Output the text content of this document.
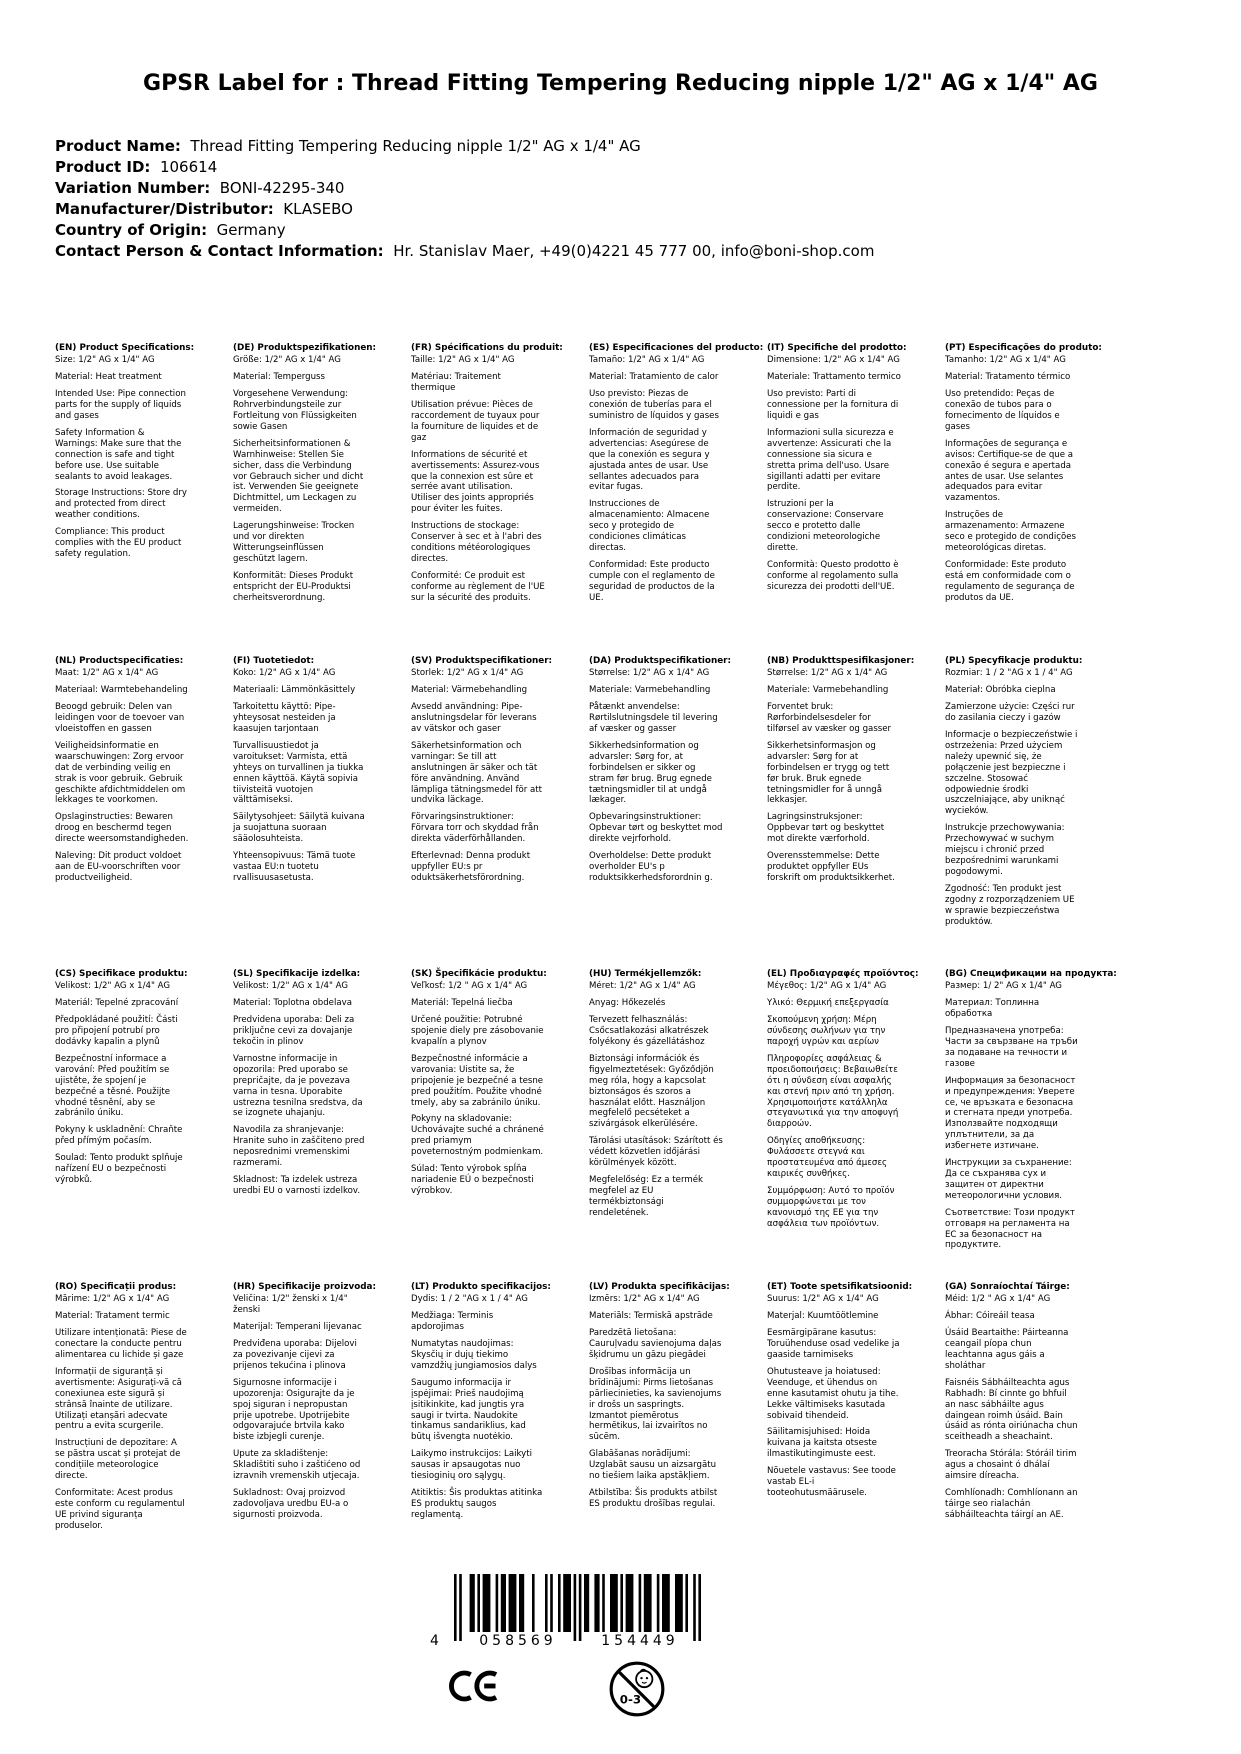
GPSR Label for : Thread Fitting Tempering Reducing nipple 1/2" AG x 1/4" AG
Product Name:  Thread Fitting Tempering Reducing nipple 1/2" AG x 1/4" AG
Product ID:  106614
Variation Number:  BONI-42295-340
Manufacturer/Distributor:  KLASEBO
Country of Origin:  Germany
Contact Person & Contact Information:  Hr. Stanislav Maer, +49(0)4221 45 777 00, info@boni-shop.com
(EN) Product Specifications:

Size: 1/2" AG x 1/4" AG

Material: Heat treatment

Intended Use: Pipe connection parts for the supply of liquids and gases

Safety Information & Warnings: Make sure that the connection is safe and tight before use. Use suitable sealants to avoid leakages.

Storage Instructions: Store dry and protected from direct weather conditions.

Compliance: This product complies with the EU product safety regulation.

(DE) Produktspezifikationen:

Größe: 1/2" AG x 1/4" AG

Material: Temperguss

Vorgesehene Verwendung: Rohrverbindungsteile zur Fortleitung von Flüssigkeiten sowie Gasen

Sicherheitsinformationen & Warnhinweise: Stellen Sie sicher, dass die Verbindung vor Gebrauch sicher und dicht ist. Verwenden Sie geeignete Dichtmittel, um Leckagen zu vermeiden.

Lagerungshinweise: Trocken und vor direkten Witterungseinflüssen geschützt lagern.

Konformität: Dieses Produkt entspricht der EU-Produktsi cherheitsverordnung.

(FR) Spécifications du produit:

Taille: 1/2" AG x 1/4" AG

Matériau: Traitement thermique

Utilisation prévue: Pièces de raccordement de tuyaux pour la fourniture de liquides et de gaz

Informations de sécurité et avertissements: Assurez-vous que la connexion est sûre et serrée avant utilisation. Utiliser des joints appropriés pour éviter les fuites.

Instructions de stockage: Conserver à sec et à l'abri des conditions météorologiques directes.

Conformité: Ce produit est conforme au règlement de l'UE sur la sécurité des produits.

(ES) Especificaciones del producto:

Tamaño: 1/2" AG x 1/4" AG

Material: Tratamiento de calor

Uso previsto: Piezas de conexión de tuberías para el suministro de líquidos y gases

Información de seguridad y advertencias: Asegúrese de que la conexión es segura y ajustada antes de usar. Use sellantes adecuados para evitar fugas.

Instrucciones de almacenamiento: Almacene seco y protegido de condiciones climáticas directas.

Conformidad: Este producto cumple con el reglamento de seguridad de productos de la UE.

(IT) Specifiche del prodotto:

Dimensione: 1/2" AG x 1/4" AG

Materiale: Trattamento termico

Uso previsto: Parti di connessione per la fornitura di liquidi e gas

Informazioni sulla sicurezza e avvertenze: Assicurati che la connessione sia sicura e stretta prima dell'uso. Usare sigillanti adatti per evitare perdite.

Istruzioni per la conservazione: Conservare secco e protetto dalle condizioni meteorologiche dirette.

Conformità: Questo prodotto è conforme al regolamento sulla sicurezza dei prodotti dell'UE.

(PT) Especificações do produto:

Tamanho: 1/2" AG x 1/4" AG

Material: Tratamento térmico

Uso pretendido: Peças de conexão de tubos para o fornecimento de líquidos e gases

Informações de segurança e avisos: Certifique-se de que a conexão é segura e apertada antes de usar. Use selantes adequados para evitar vazamentos.

Instruções de armazenamento: Armazene seco e protegido de condições meteorológicas diretas.

Conformidade: Este produto está em conformidade com o regulamento de segurança de produtos da UE.

(NL) Productspecificaties:

Maat: 1/2" AG x 1/4" AG

Materiaal: Warmtebehandeling

Beoogd gebruik: Delen van leidingen voor de toevoer van vloeistoffen en gassen

Veiligheidsinformatie en waarschuwingen: Zorg ervoor dat de verbinding veilig en strak is voor gebruik. Gebruik geschikte afdichtmiddelen om lekkages te voorkomen.

Opslaginstructies: Bewaren droog en beschermd tegen directe weersomstandigheden.

Naleving: Dit product voldoet aan de EU-voorschriften voor productveiligheid.

(FI) Tuotetiedot:

Koko: 1/2" AG x 1/4" AG

Materiaali: Lämmönkäsittely

Tarkoitettu käyttö: Pipe-yhteysosat nesteiden ja kaasujen tarjontaan

Turvallisuustiedot ja varoitukset: Varmista, että yhteys on turvallinen ja tiukka ennen käyttöä. Käytä sopivia tiivisteitä vuotojen välttämiseksi.

Säilytysohjeet: Säilytä kuivana ja suojattuna suoraan sääolosuhteista.

Yhteensopivuus: Tämä tuote vastaa EU:n tuotetu rvallisuusasetusta.

(SV) Produktspecifikationer:

Storlek: 1/2" AG x 1/4" AG

Material: Värmebehandling

Avsedd användning: Pipe-anslutningsdelar för leverans av vätskor och gaser

Säkerhetsinformation och varningar: Se till att anslutningen är säker och tät före användning. Använd lämpliga tätningsmedel för att undvika läckage.

Förvaringsinstruktioner: Förvara torr och skyddad från direkta väderförhållanden.

Efterlevnad: Denna produkt uppfyller EU:s pr oduktsäkerhetsförordning.

(DA) Produktspecifikationer:

Størrelse: 1/2" AG x 1/4" AG

Materiale: Varmebehandling

Påtænkt anvendelse: Rørtilslutningsdele til levering af væsker og gasser

Sikkerhedsinformation og advarsler: Sørg for, at forbindelsen er sikker og stram før brug. Brug egnede tætningsmidler til at undgå lækager.

Opbevaringsinstruktioner: Opbevar tørt og beskyttet mod direkte vejrforhold.

Overholdelse: Dette produkt overholder EU's p roduktsikkerhedsforordnin g.

(NB) Produkttspesifikasjoner:

Størrelse: 1/2" AG x 1/4" AG

Materiale: Varmebehandling

Forventet bruk: Rørforbindelsesdeler for tilførsel av væsker og gasser

Sikkerhetsinformasjon og advarsler: Sørg for at forbindelsen er trygg og tett før bruk. Bruk egnede tetningsmidler for å unngå lekkasjer.

Lagringsinstruksjoner: Oppbevar tørt og beskyttet mot direkte værforhold.

Overensstemmelse: Dette produktet oppfyller EUs forskrift om produktsikkerhet.

(PL) Specyfikacje produktu:

Rozmiar: 1 / 2 "AG x 1 / 4" AG

Materiał: Obróbka cieplna

Zamierzone użycie: Części rur do zasilania cieczy i gazów

Informacje o bezpieczeństwie i ostrzeżenia: Przed użyciem należy upewnić się, że połączenie jest bezpieczne i szczelne. Stosować odpowiednie środki uszczelniające, aby uniknąć wycieków.

Instrukcje przechowywania: Przechowywać w suchym miejscu i chronić przed bezpośrednimi warunkami pogodowymi.

Zgodność: Ten produkt jest zgodny z rozporządzeniem UE w sprawie bezpieczeństwa produktów.

(CS) Specifikace produktu:

Velikost: 1/2" AG x 1/4" AG

Materiál: Tepelné zpracování

Předpokládané použití: Části pro připojení potrubí pro dodávky kapalin a plynů

Bezpečnostní informace a varování: Před použitím se ujistěte, že spojení je bezpečné a těsné. Použijte vhodné těsnění, aby se zabránilo úniku.

Pokyny k uskladnění: Chraňte před přímým počasím.

Soulad: Tento produkt splňuje nařízení EU o bezpečnosti výrobků.

(SL) Specifikacije izdelka:

Velikost: 1/2" AG x 1/4" AG

Material: Toplotna obdelava

Predvidena uporaba: Deli za priključne cevi za dovajanje tekočin in plinov

Varnostne informacije in opozorila: Pred uporabo se prepričajte, da je povezava varna in tesna. Uporabite ustrezna tesnilna sredstva, da se izognete uhajanju.

Navodila za shranjevanje: Hranite suho in zaščiteno pred neposrednimi vremenskimi razmerami.

Skladnost: Ta izdelek ustreza uredbi EU o varnosti izdelkov.

(SK) Špecifikácie produktu:

Veľkosť: 1/2 " AG x 1/4" AG

Materiál: Tepelná liečba

Určené použitie: Potrubné spojenie diely pre zásobovanie kvapalín a plynov

Bezpečnostné informácie a varovania: Uistite sa, že pripojenie je bezpečné a tesne pred použitím. Použite vhodné tmely, aby sa zabránilo úniku.

Pokyny na skladovanie: Uchovávajte suché a chránené pred priamym poveternostným podmienkam.

Súlad: Tento výrobok spĺňa nariadenie EÚ o bezpečnosti výrobkov.

(HU) Termékjellemzők:

Méret: 1/2" AG x 1/4" AG

Anyag: Hőkezelés

Tervezett felhasználás: Csőcsatlakozási alkatrészek folyékony és gázellátáshoz

Biztonsági információk és figyelmeztetések: Győződjön meg róla, hogy a kapcsolat biztonságos és szoros a használat előtt. Használjon megfelelő pecséteket a szivárgások elkerülésére.

Tárolási utasítások: Szárított és védett közvetlen időjárási körülmények között.

Megfelelőség: Ez a termék megfelel az EU termékbiztonsági rendeletének.

(EL) Προδιαγραφές προϊόντος:

Μέγεθος: 1/2" AG x 1/4" AG

Υλικό: Θερμική επεξεργασία

Σκοπούμενη χρήση: Μέρη σύνδεσης σωλήνων για την παροχή υγρών και αερίων

Πληροφορίες ασφάλειας & προειδοποιήσεις: Βεβαιωθείτε ότι η σύνδεση είναι ασφαλής και στενή πριν από τη χρήση. Χρησιμοποιήστε κατάλληλα στεγανωτικά για την αποφυγή διαρροών.

Οδηγίες αποθήκευσης: Φυλάσσετε στεγνά και προστατευμένα από άμεσες καιρικές συνθήκες.

Συμμόρφωση: Αυτό το προϊόν συμμορφώνεται με τον κανονισμό της ΕΕ για την ασφάλεια των προϊόντων.

(BG) Спецификации на продукта:

Размер: 1/ 2" AG x 1/4" AG

Материал: Топлинна обработка

Предназначена употреба: Части за свързване на тръби за подаване на течности и газове

Информация за безопасност и предупреждения: Уверете се, че връзката е безопасна и стегната преди употреба. Използвайте подходящи уплътнители, за да избегнете изтичане.

Инструкции за съхранение: Да се съхранява сух и защитен от директни метеорологични условия.

Съответствие: Този продукт отговаря на регламента на ЕС за безопасност на продуктите.

(RO) Specificații produs:

Mărime: 1/2" AG x 1/4" AG

Material: Tratament termic

Utilizare intenționată: Piese de conectare la conducte pentru alimentarea cu lichide și gaze

Informații de siguranță și avertismente: Asigurați-vă că conexiunea este sigură și strânsă înainte de utilizare. Utilizați etanșări adecvate pentru a evita scurgerile.

Instrucțiuni de depozitare: A se păstra uscat și protejat de condițiile meteorologice directe.

Conformitate: Acest produs este conform cu regulamentul UE privind siguranța produselor.

(HR) Specifikacije proizvoda:

Veličina: 1/2" ženski x 1/4" ženski

Materijal: Temperani lijevanac

Predviđena uporaba: Dijelovi za povezivanje cijevi za prijenos tekućina i plinova

Sigurnosne informacije i upozorenja: Osigurajte da je spoj siguran i nepropustan prije upotrebe. Upotrijebite odgovarajuće brtvila kako biste izbjegli curenje.

Upute za skladištenje: Skladištiti suho i zaštićeno od izravnih vremenskih utjecaja.

Sukladnost: Ovaj proizvod zadovoljava uredbu EU-a o sigurnosti proizvoda.

(LT) Produkto specifikacijos:

Dydis: 1 / 2 "AG x 1 / 4" AG

Medžiaga: Terminis apdorojimas

Numatytas naudojimas: Skysčių ir dujų tiekimo vamzdžių jungiamosios dalys

Saugumo informacija ir įspėjimai: Prieš naudojimą įsitikinkite, kad jungtis yra saugi ir tvirta. Naudokite tinkamus sandariklius, kad būtų išvengta nuotėkio.

Laikymo instrukcijos: Laikyti sausas ir apsaugotas nuo tiesioginių oro sąlygų.

Atitiktis: Šis produktas atitinka ES produktų saugos reglamentą.

(LV) Produkta specifikācijas:

Izmērs: 1/2" AG x 1/4" AG

Materiāls: Termiskā apstrāde

Paredzētā lietošana: Cauruļvadu savienojuma daļas šķidrumu un gāzu piegādei

Drošības informācija un brīdinājumi: Pirms lietošanas pārliecinieties, ka savienojums ir drošs un saspringts. Izmantot piemērotus hermētikus, lai izvairītos no sūcēm.

Glabāšanas norādījumi: Uzglabāt sausu un aizsargātu no tiešiem laika apstākļiem.

Atbilstība: Šis produkts atbilst ES produktu drošības regulai.

(ET) Toote spetsifikatsioonid:

Suurus: 1/2" AG x 1/4" AG

Materjal: Kuumtöötlemine

Eesmärgipärane kasutus: Toruühenduse osad vedelike ja gaaside tarnimiseks

Ohutusteave ja hoiatused: Veenduge, et ühendus on enne kasutamist ohutu ja tihe. Lekke vältimiseks kasutada sobivaid tihendeid.

Säilitamisjuhised: Hoida kuivana ja kaitsta otseste ilmastikutingimuste eest.

Nõuetele vastavus: See toode vastab EL-i tooteohutusmäärusele.

(GA) Sonraíochtaí Táirge:

Méid: 1/2 " AG x 1/4" AG

Ábhar: Cóireáil teasa

Úsáid Beartaithe: Páirteanna ceangail píopa chun leachtanna agus gáis a sholáthar

Faisnéis Sábháilteachta agus Rabhadh: Bí cinnte go bhfuil an nasc sábháilte agus daingean roimh úsáid. Bain úsáid as rónta oiriúnacha chun sceitheadh a sheachaint.

Treoracha Stórála: Stóráil tirim agus a chosaint ó dhálaí aimsire díreacha.

Comhlíonadh: Comhlíonann an táirge seo rialachán sábháilteachta táirgí an AE.

4	058569	154449
0-3
